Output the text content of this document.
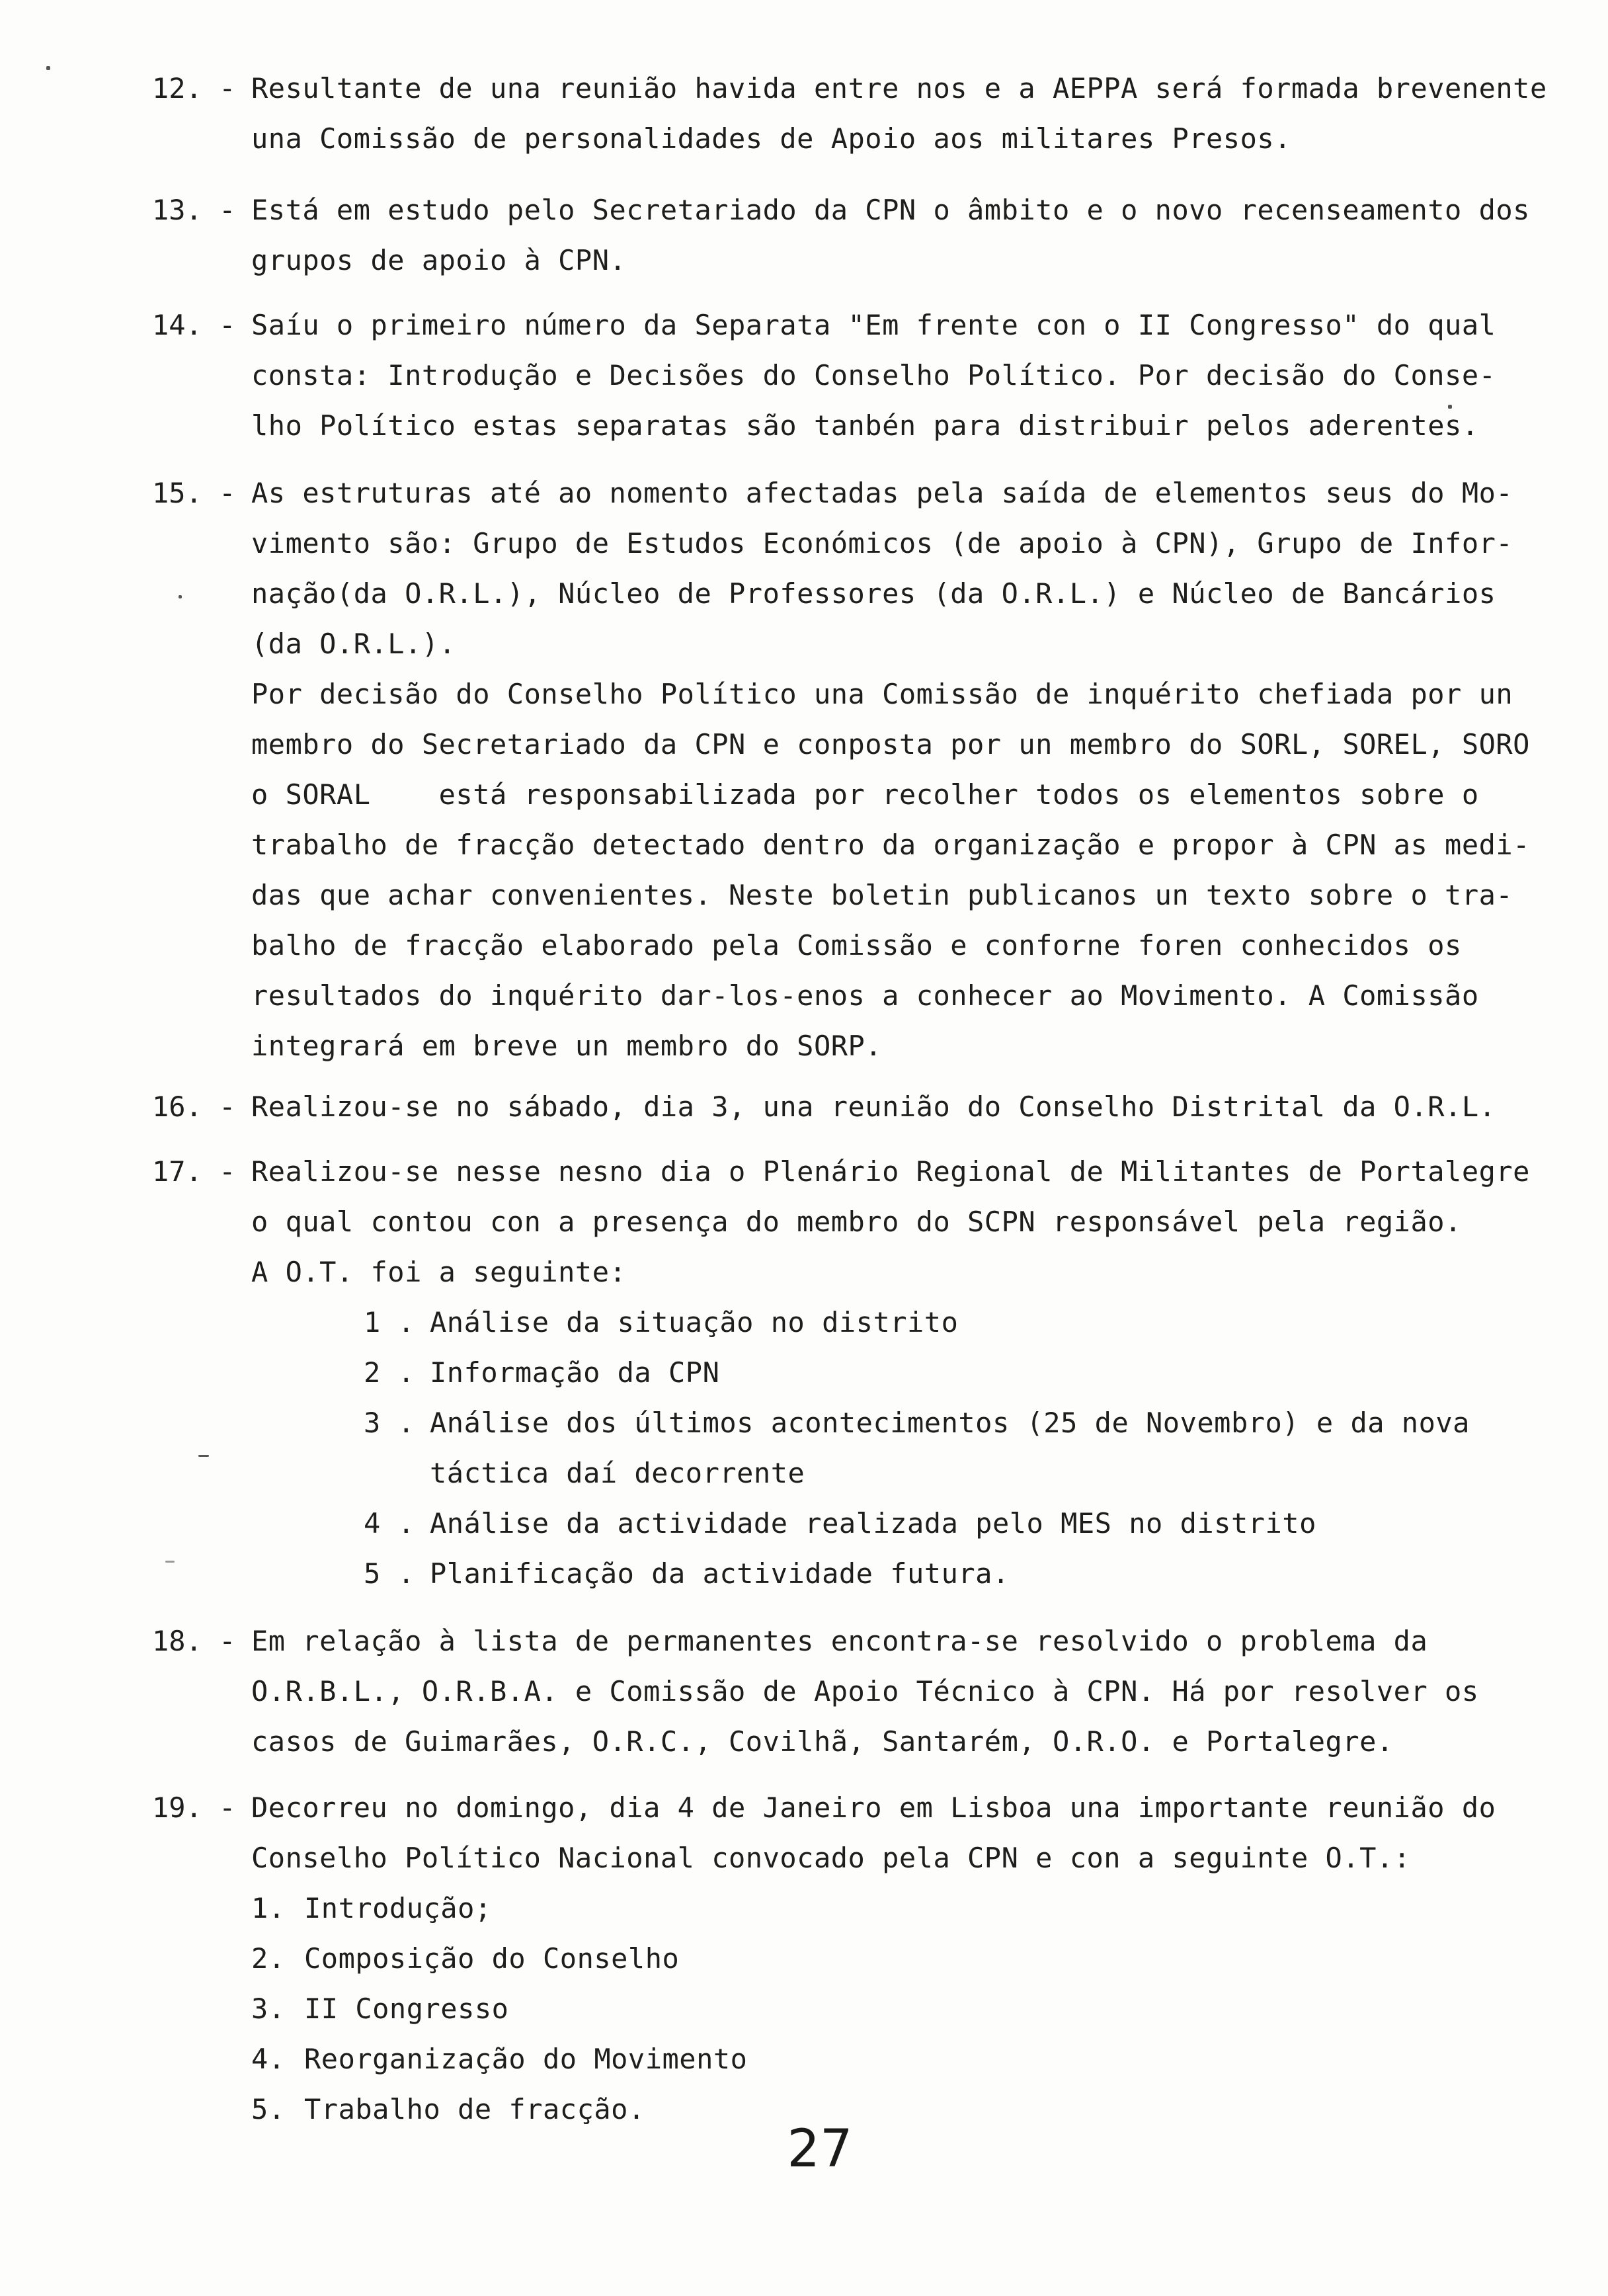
12. - Resultante de una reunião havida entre nos e a AEPPA será formada brevenente
una Comissão de personalidades de Apoio aos militares Presos.
13. - Está em estudo pelo Secretariado da CPN o âmbito e o novo recenseamento dos
grupos de apoio à CPN.
14. - Saíu o primeiro número da Separata "Em frente con o II Congresso" do qual
consta: Introdução e Decisões do Conselho Político. Por decisão do Conse-
lho Político estas separatas são tanbén para distribuir pelos aderentes.
15. - As estruturas até ao nomento afectadas pela saída de elementos seus do Mo-
vimento são: Grupo de Estudos Económicos (de apoio à CPN), Grupo de Infor-
nação(da O.R.L.), Núcleo de Professores (da O.R.L.) e Núcleo de Bancários
(da O.R.L.).
Por decisão do Conselho Político una Comissão de inquérito chefiada por un
membro do Secretariado da CPN e conposta por un membro do SORL, SOREL, SORO
o SORAL    está responsabilizada por recolher todos os elementos sobre o
trabalho de fracção detectado dentro da organização e propor à CPN as medi-
das que achar convenientes. Neste boletin publicanos un texto sobre o tra-
balho de fracção elaborado pela Comissão e conforne foren conhecidos os
resultados do inquérito dar-los-enos a conhecer ao Movimento. A Comissão
integrará em breve un membro do SORP.
16. - Realizou-se no sábado, dia 3, una reunião do Conselho Distrital da O.R.L.
17. - Realizou-se nesse nesno dia o Plenário Regional de Militantes de Portalegre
o qual contou con a presença do membro do SCPN responsável pela região.
A O.T. foi a seguinte:
1 . Análise da situação no distrito
2 . Informação da CPN
3 . Análise dos últimos acontecimentos (25 de Novembro) e da nova
táctica daí decorrente
4 . Análise da actividade realizada pelo MES no distrito
5 . Planificação da actividade futura.
18. - Em relação à lista de permanentes encontra-se resolvido o problema da
O.R.B.L., O.R.B.A. e Comissão de Apoio Técnico à CPN. Há por resolver os
casos de Guimarães, O.R.C., Covilhã, Santarém, O.R.O. e Portalegre.
19. - Decorreu no domingo, dia 4 de Janeiro em Lisboa una importante reunião do
Conselho Político Nacional convocado pela CPN e con a seguinte O.T.:
1. Introdução;
2. Composição do Conselho
3. II Congresso
4. Reorganização do Movimento
5. Trabalho de fracção.
27
